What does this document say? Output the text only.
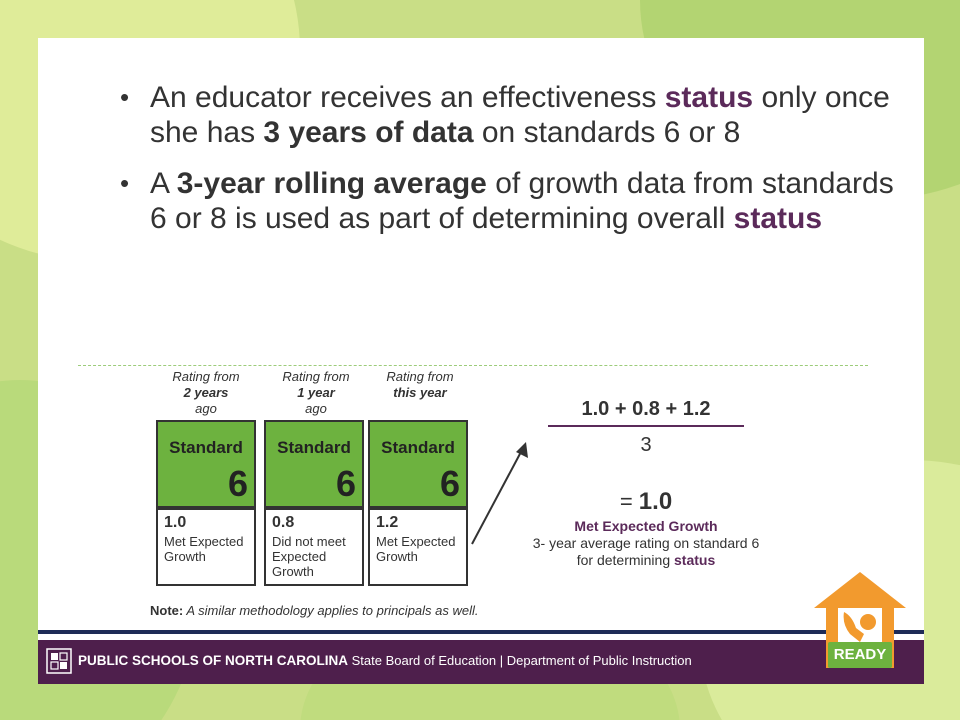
• An educator receives an effectiveness status only once she has 3 years of data on standards 6 or 8
• A 3-year rolling average of growth data from standards 6 or 8 is used as part of determining overall status
Rating from
2 years
ago
Rating from
1 year
ago
Rating from
this year
Standard
6
Standard
6
Standard
6
1.0
Met Expected Growth
0.8
Did not meet Expected Growth
1.2
Met Expected Growth
1.0 + 0.8 + 1.2
3
= 1.0
Met Expected Growth
3- year average rating on standard 6 for determining status
Note: A similar methodology applies to principals as well.
PUBLIC SCHOOLS OF NORTH CAROLINA State Board of Education | Department of Public Instruction	READY
